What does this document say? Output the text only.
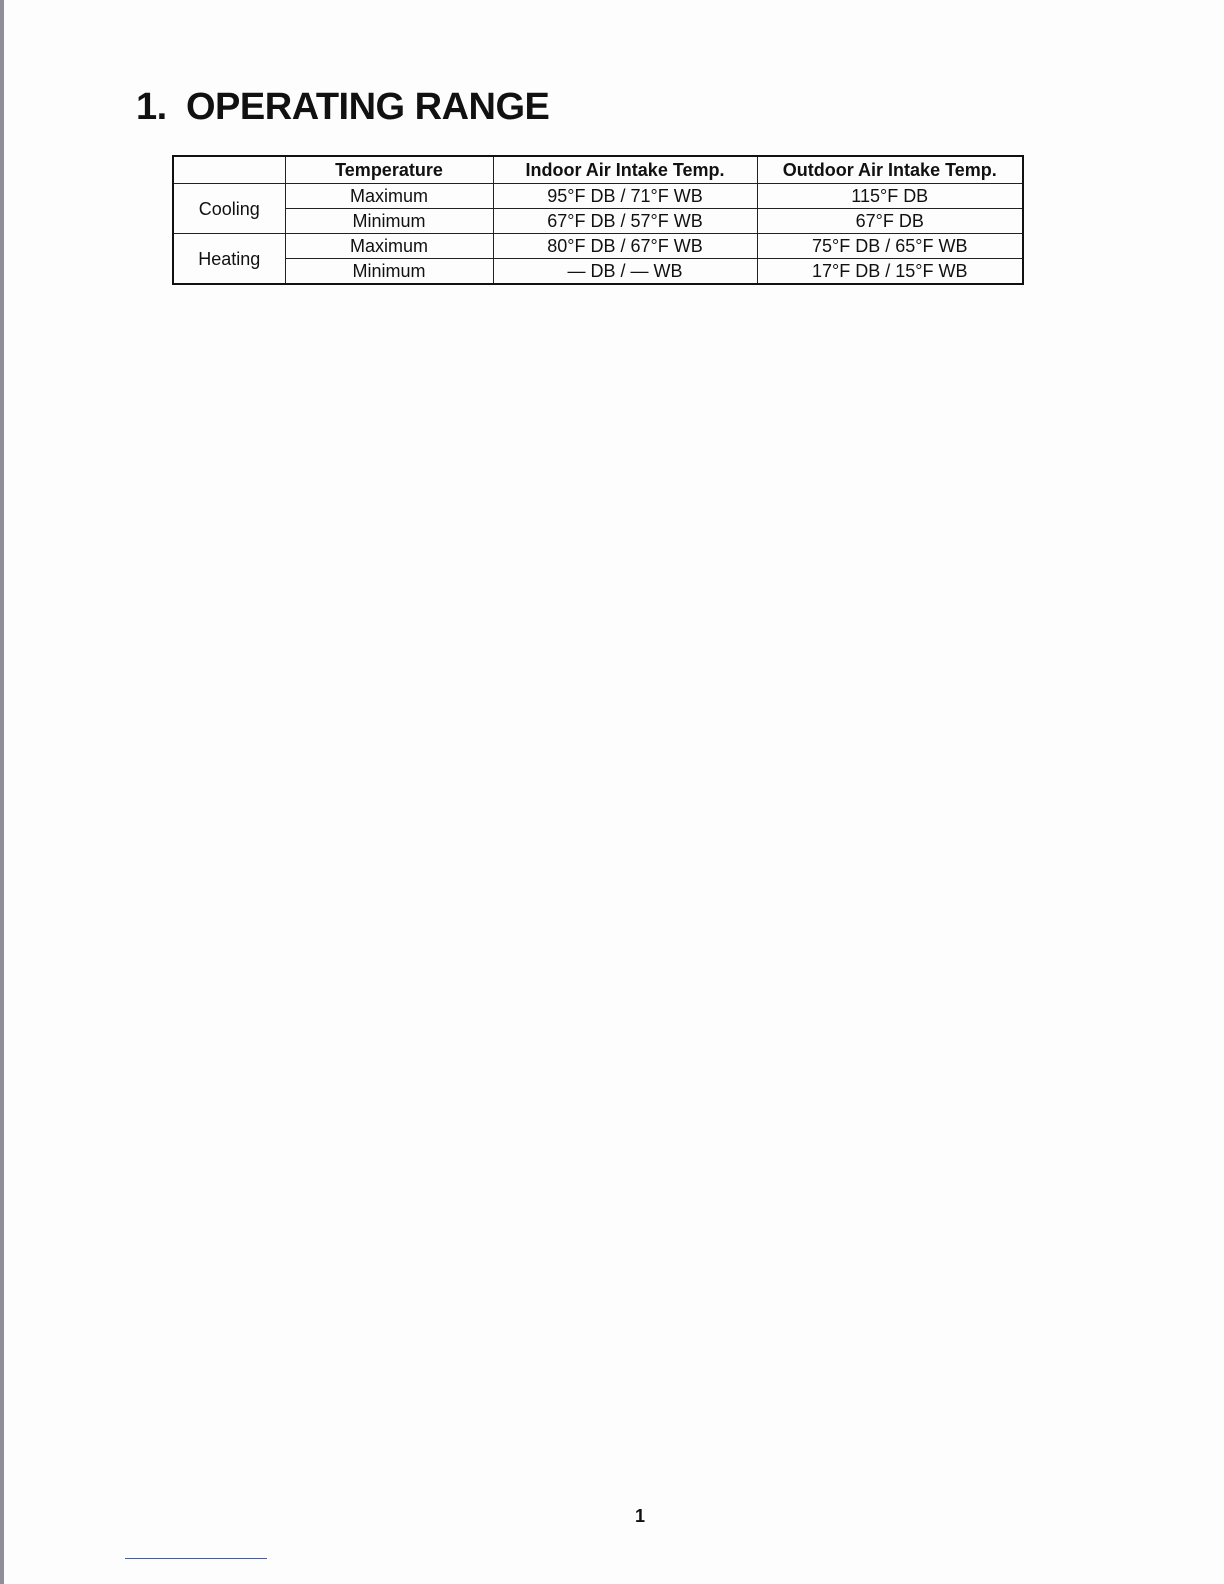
1. OPERATING RANGE
	Temperature	Indoor Air Intake Temp.	Outdoor Air Intake Temp.
Cooling	Maximum	95°F DB / 71°F WB	115°F DB
	Minimum	67°F DB / 57°F WB	67°F DB
Heating	Maximum	80°F DB / 67°F WB	75°F DB / 65°F WB
	Minimum	— DB / — WB	17°F DB / 15°F WB
1
